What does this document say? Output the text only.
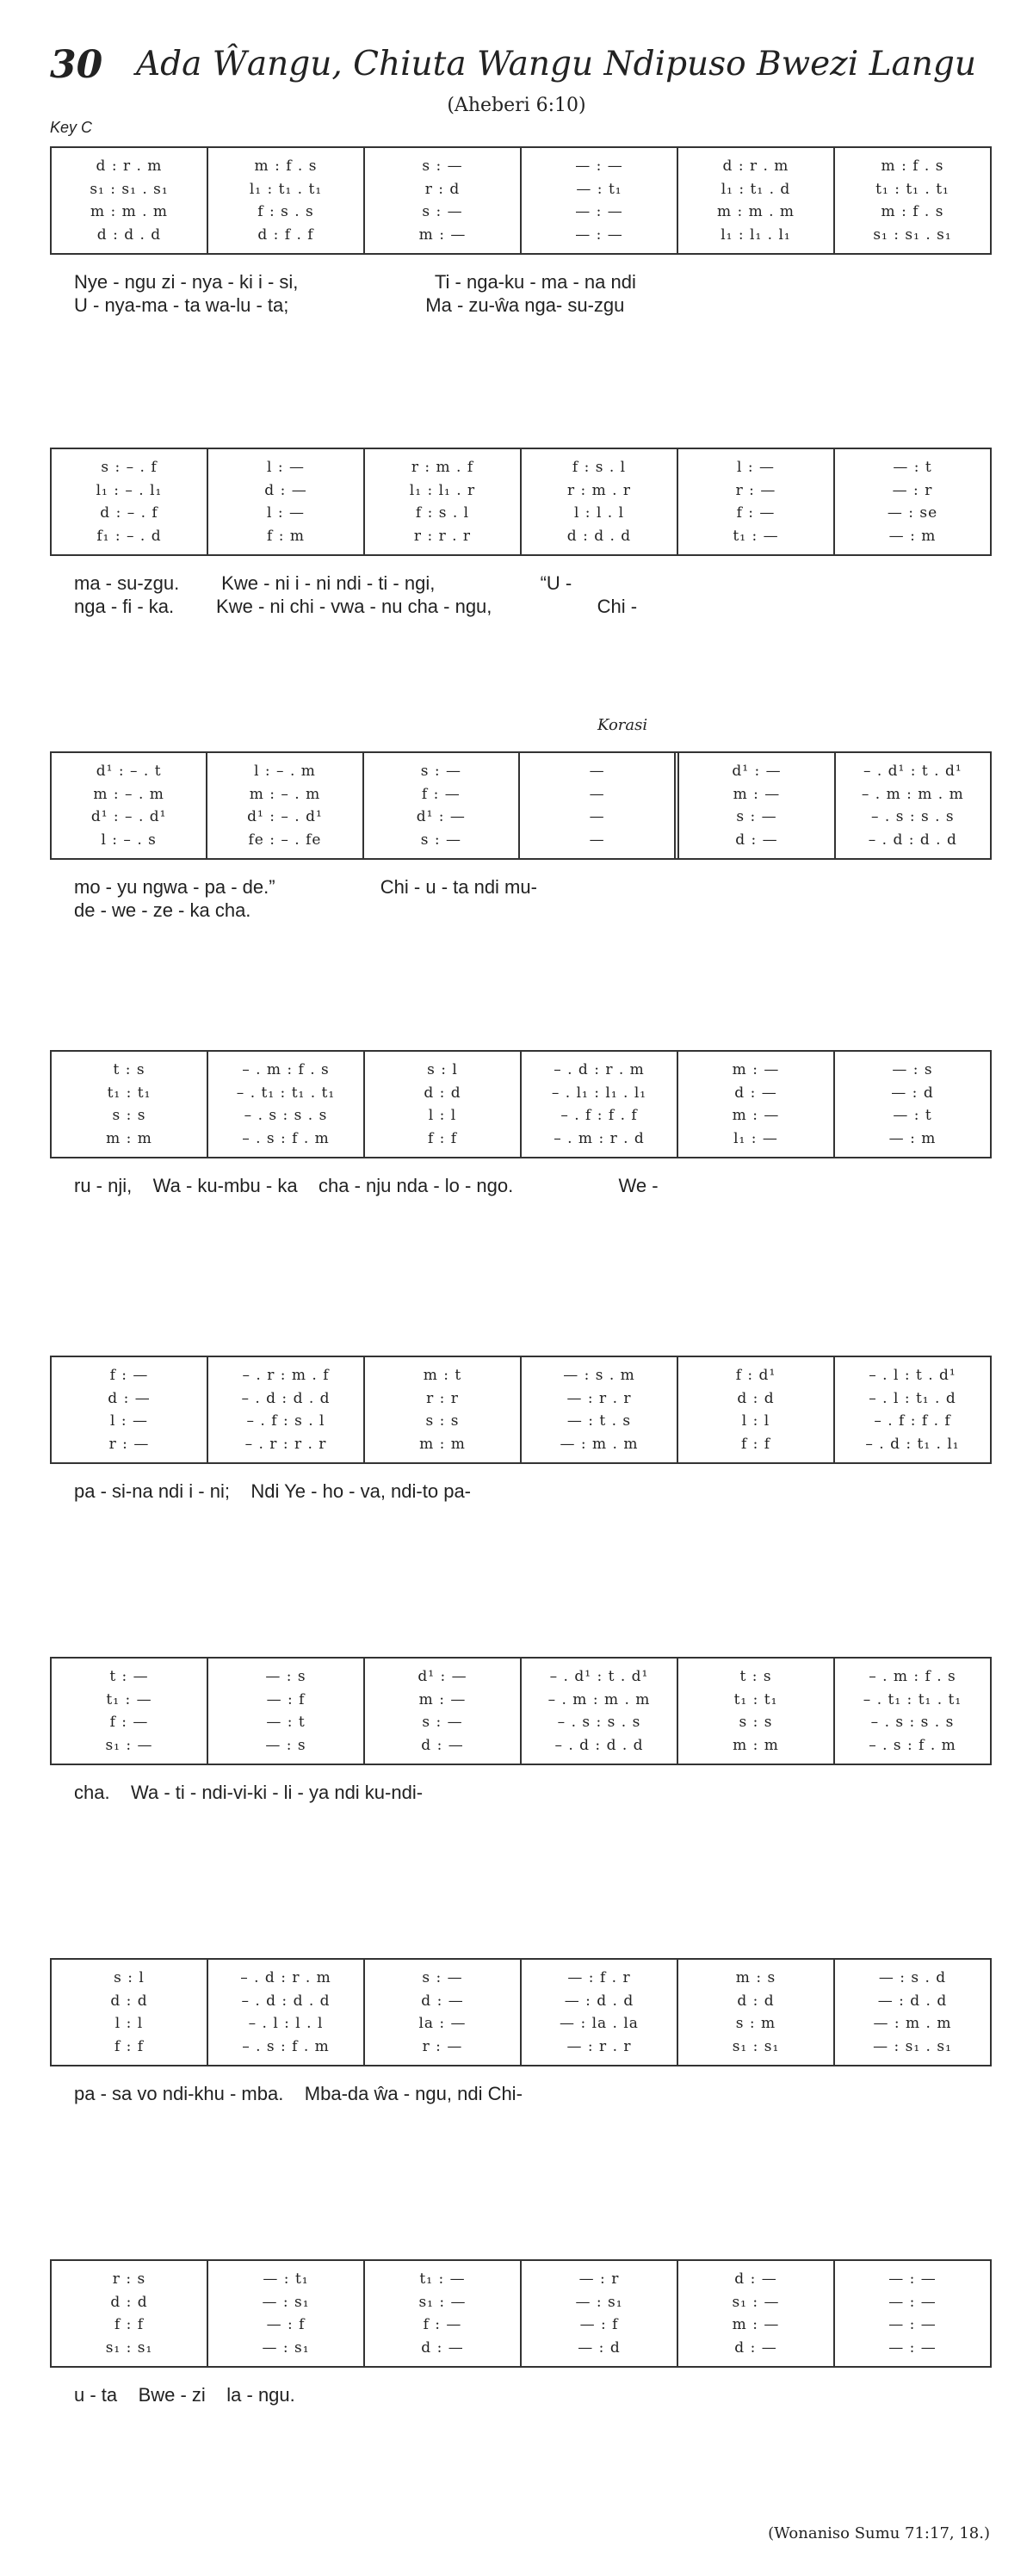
30 Ada Ŵangu, Chiuta Wangu Ndipuso Bwezi Langu
(Aheberi 6:10)
Key C
Korasi
(Wonaniso Sumu 71:17, 18.)
d : r . m
s₁ : s₁ . s₁
m : m . m
d : d . d
m : f . s
l₁ : t₁ . t₁
f : s . s
d : f . f
s : —
r : d
s : —
m : —
— : —
— : t₁
— : —
— : —
d : r . m
l₁ : t₁ . d
m : m . m
l₁ : l₁ . l₁
m : f . s
t₁ : t₁ . t₁
m : f . s
s₁ : s₁ . s₁
Nye - ngu zi - nya - ki i - si,                          Ti - nga-ku - ma - na ndi
U - nya-ma - ta wa-lu - ta;                          Ma - zu-ŵa nga- su-zgu
s : – . f
l₁ : – . l₁
d : – . f
f₁ : – . d
l : —
d : —
l : —
f : m
r : m . f
l₁ : l₁ . r
f : s . l
r : r . r
f : s . l
r : m . r
l : l . l
d : d . d
l : —
r : —
f : —
t₁ : —
— : t
— : r
— : se
— : m
ma - su-zgu.        Kwe - ni i - ni ndi - ti - ngi,                    “U -
nga - fi - ka.        Kwe - ni chi - vwa - nu cha - ngu,                    Chi -
d¹ : – . t
m : – . m
d¹ : – . d¹
l : – . s
l : – . m
m : – . m
d¹ : – . d¹
fe : – . fe
s : —
f : —
d¹ : —
s : —
—
—
—
—
d¹ : —
m : —
s : —
d : —
– . d¹ : t . d¹
– . m : m . m
– . s : s . s
– . d : d . d
mo - yu ngwa - pa - de.”                    Chi - u - ta ndi mu-
de - we - ze - ka cha.
t : s
t₁ : t₁
s : s
m : m
– . m : f . s
– . t₁ : t₁ . t₁
– . s : s . s
– . s : f . m
s : l
d : d
l : l
f : f
– . d : r . m
– . l₁ : l₁ . l₁
– . f : f . f
– . m : r . d
m : —
d : —
m : —
l₁ : —
— : s
— : d
— : t
— : m
ru - nji,    Wa - ku-mbu - ka    cha - nju nda - lo - ngo.                    We -
f : —
d : —
l : —
r : —
– . r : m . f
– . d : d . d
– . f : s . l
– . r : r . r
m : t
r : r
s : s
m : m
— : s . m
— : r . r
— : t . s
— : m . m
f : d¹
d : d
l : l
f : f
– . l : t . d¹
– . l : t₁ . d
– . f : f . f
– . d : t₁ . l₁
pa - si-na ndi i - ni;    Ndi Ye - ho - va, ndi-to pa-
t : —
t₁ : —
f : —
s₁ : —
— : s
— : f
— : t
— : s
d¹ : —
m : —
s : —
d : —
– . d¹ : t . d¹
– . m : m . m
– . s : s . s
– . d : d . d
t : s
t₁ : t₁
s : s
m : m
– . m : f . s
– . t₁ : t₁ . t₁
– . s : s . s
– . s : f . m
cha.    Wa - ti - ndi-vi-ki - li - ya ndi ku-ndi-
s : l
d : d
l : l
f : f
– . d : r . m
– . d : d . d
– . l : l . l
– . s : f . m
s : —
d : —
la : —
r : —
— : f . r
— : d . d
— : la . la
— : r . r
m : s
d : d
s : m
s₁ : s₁
— : s . d
— : d . d
— : m . m
— : s₁ . s₁
pa - sa vo ndi-khu - mba.    Mba-da ŵa - ngu, ndi Chi-
r : s
d : d
f : f
s₁ : s₁
— : t₁
— : s₁
— : f
— : s₁
t₁ : —
s₁ : —
f : —
d : —
— : r
— : s₁
— : f
— : d
d : —
s₁ : —
m : —
d : —
— : —
— : —
— : —
— : —
u - ta    Bwe - zi    la - ngu.
